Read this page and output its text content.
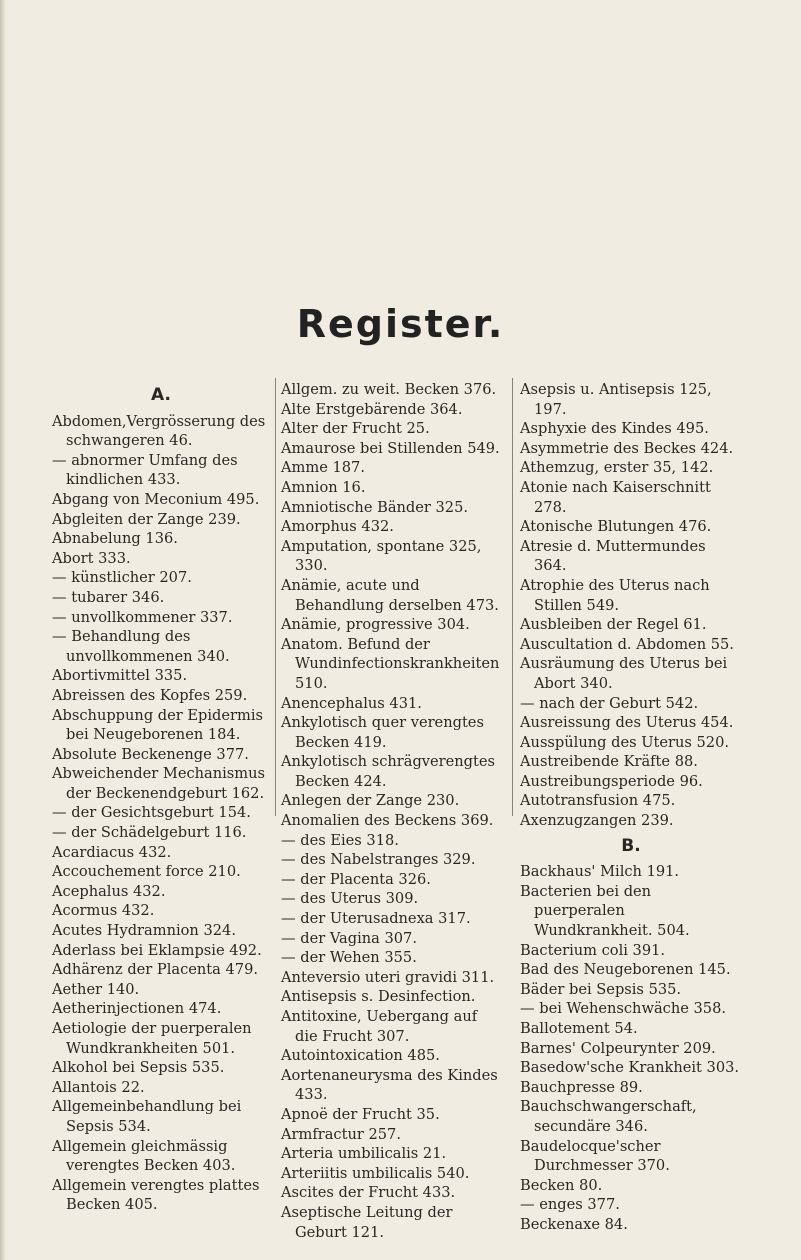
Register.
A.
Abdomen,Vergrösserung des schwangeren 46.
— abnormer Umfang des kindlichen 433.
Abgang von Meconium 495.
Abgleiten der Zange 239.
Abnabelung 136.
Abort 333.
— künstlicher 207.
— tubarer 346.
— unvollkommener 337.
— Behandlung des unvollkommenen 340.
Abortivmittel 335.
Abreissen des Kopfes 259.
Abschuppung der Epidermis bei Neugeborenen 184.
Absolute Beckenenge 377.
Abweichender Mechanismus der Beckenendgeburt 162.
— der Gesichtsgeburt 154.
— der Schädelgeburt 116.
Acardiacus 432.
Accouchement force 210.
Acephalus 432.
Acormus 432.
Acutes Hydramnion 324.
Aderlass bei Eklampsie 492.
Adhärenz der Placenta 479.
Aether 140.
Aetherinjectionen 474.
Aetiologie der puerperalen Wundkrankheiten 501.
Alkohol bei Sepsis 535.
Allantois 22.
Allgemeinbehandlung bei Sepsis 534.
Allgemein gleichmässig verengtes Becken 403.
Allgemein verengtes plattes Becken 405.
Allgem. zu weit. Becken 376.
Alte Erstgebärende 364.
Alter der Frucht 25.
Amaurose bei Stillenden 549.
Amme 187.
Amnion 16.
Amniotische Bänder 325.
Amorphus 432.
Amputation, spontane 325, 330.
Anämie, acute und Behandlung derselben 473.
Anämie, progressive 304.
Anatom. Befund der Wundinfectionskrankheiten 510.
Anencephalus 431.
Ankylotisch quer verengtes Becken 419.
Ankylotisch schrägverengtes Becken 424.
Anlegen der Zange 230.
Anomalien des Beckens 369.
— des Eies 318.
— des Nabelstranges 329.
— der Placenta 326.
— des Uterus 309.
— der Uterusadnexa 317.
— der Vagina 307.
— der Wehen 355.
Anteversio uteri gravidi 311.
Antisepsis s. Desinfection.
Antitoxine, Uebergang auf die Frucht 307.
Autointoxication 485.
Aortenaneurysma des Kindes 433.
Apnoë der Frucht 35.
Armfractur 257.
Arteria umbilicalis 21.
Arteriitis umbilicalis 540.
Ascites der Frucht 433.
Aseptische Leitung der Geburt 121.
Asepsis u. Antisepsis 125, 197.
Asphyxie des Kindes 495.
Asymmetrie des Beckes 424.
Athemzug, erster 35, 142.
Atonie nach Kaiserschnitt 278.
Atonische Blutungen 476.
Atresie d. Muttermundes 364.
Atrophie des Uterus nach Stillen 549.
Ausbleiben der Regel 61.
Auscultation d. Abdomen 55.
Ausräumung des Uterus bei Abort 340.
— nach der Geburt 542.
Ausreissung des Uterus 454.
Ausspülung des Uterus 520.
Austreibende Kräfte 88.
Austreibungsperiode 96.
Autotransfusion 475.
Axenzugzangen 239.
B.
Backhaus' Milch 191.
Bacterien bei den puerperalen Wundkrankheit. 504.
Bacterium coli 391.
Bad des Neugeborenen 145.
Bäder bei Sepsis 535.
— bei Wehenschwäche 358.
Ballotement 54.
Barnes' Colpeurynter 209.
Basedow'sche Krankheit 303.
Bauchpresse 89.
Bauchschwangerschaft, secundäre 346.
Baudelocque'scher Durchmesser 370.
Becken 80.
— enges 377.
Beckenaxe 84.
